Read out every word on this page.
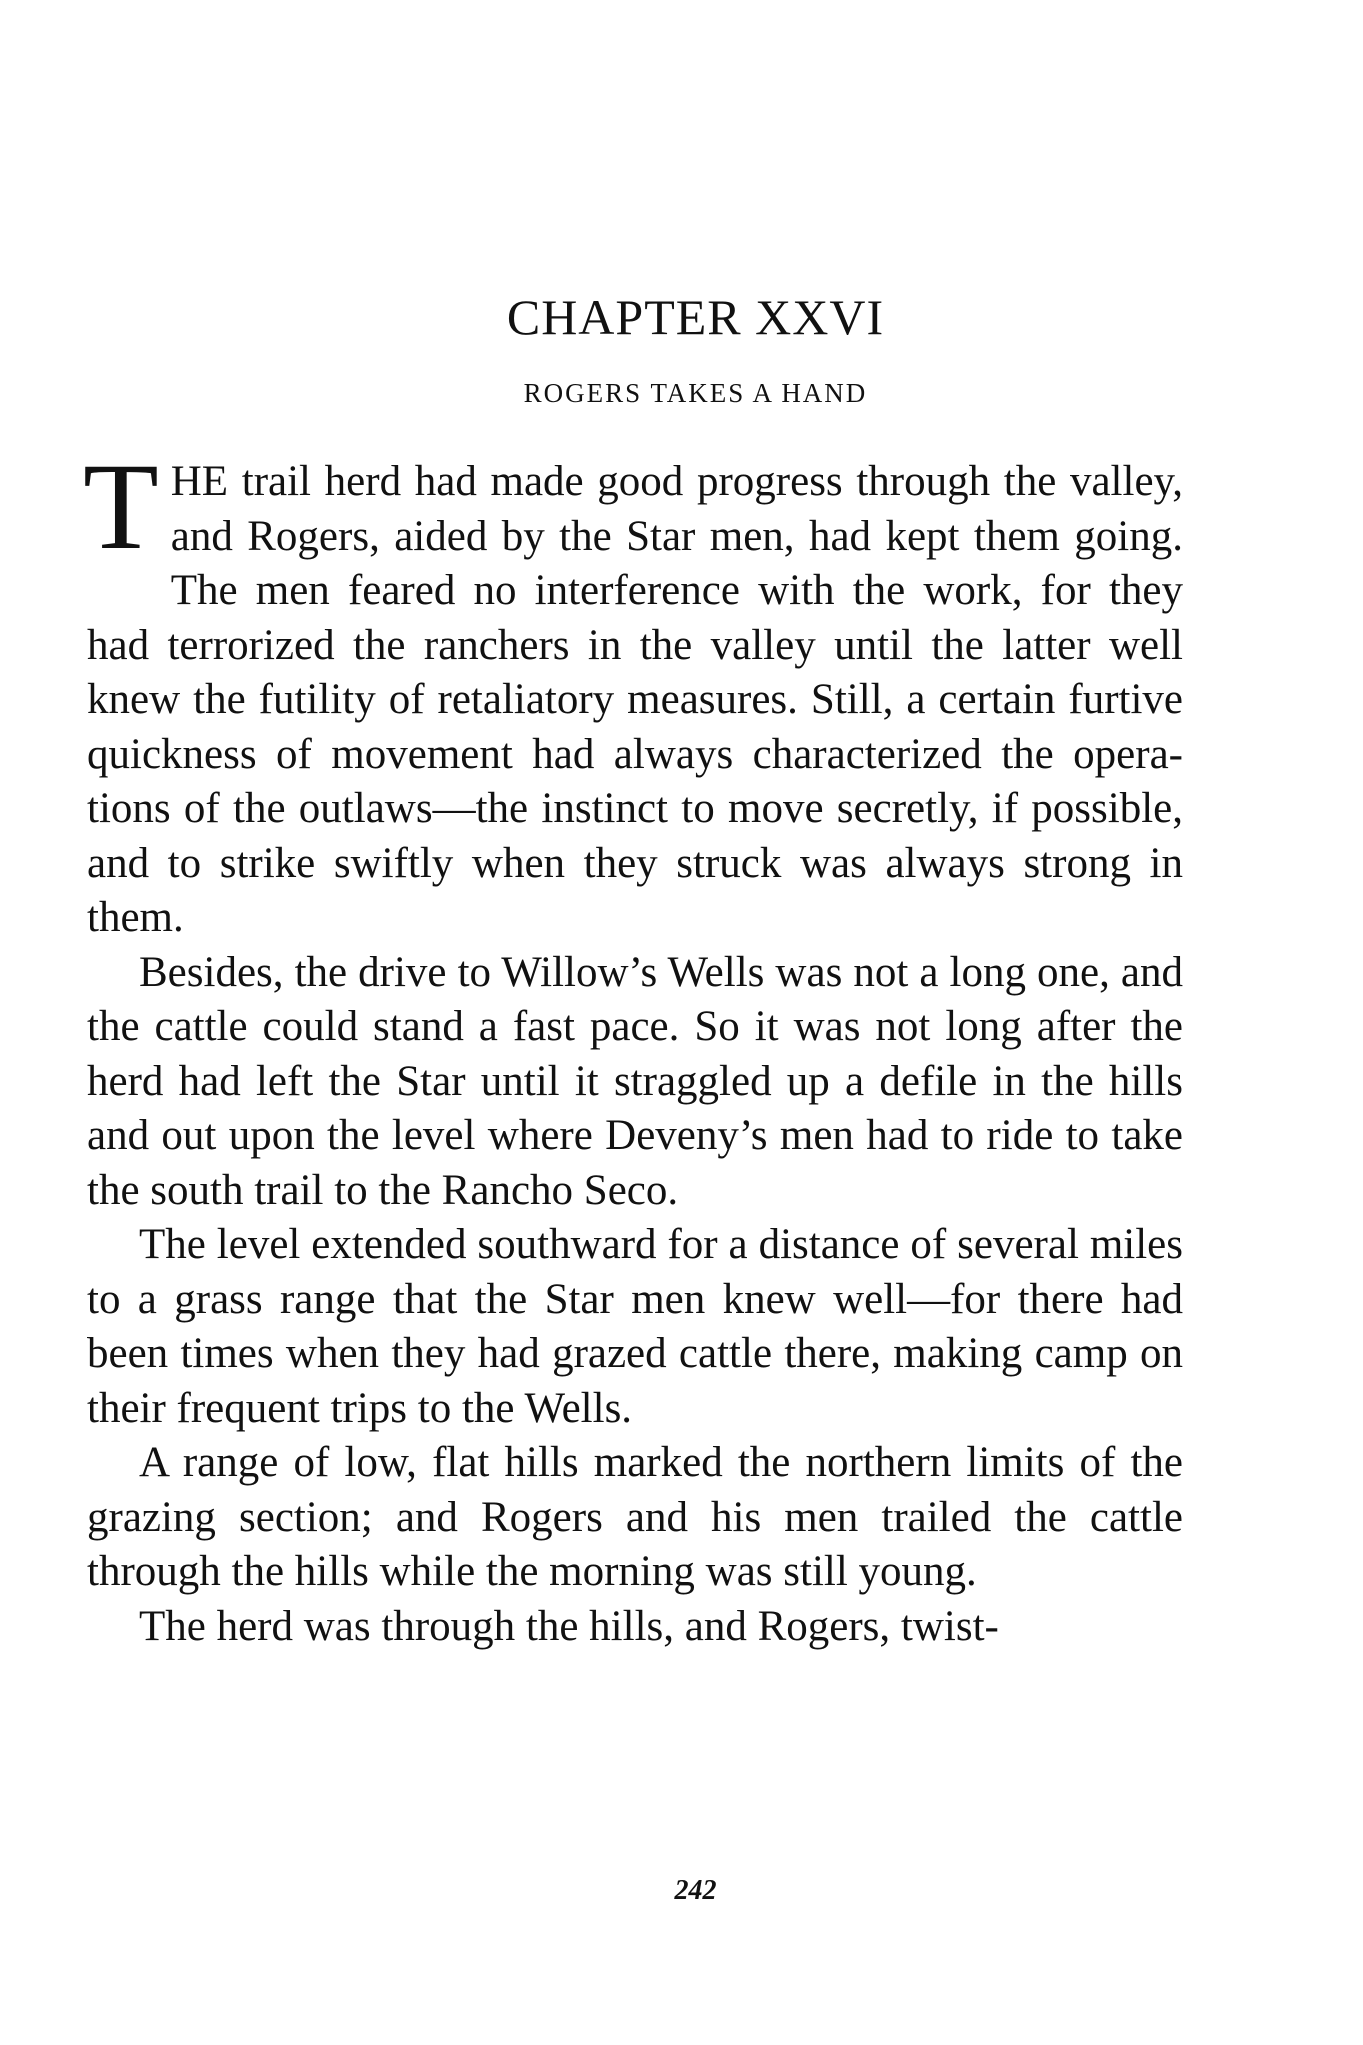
CHAPTER XXVI
ROGERS TAKES A HAND

THE trail herd had made good progress through the valley, and Rogers, aided by the Star men, had kept them going. The men feared no interference with the work, for they had terrorized the ranchers in the valley until the latter well knew the futility of retaliatory measures. Still, a certain furtive quickness of movement had always characterized the operations of the outlaws—the instinct to move secretly, if possible, and to strike swiftly when they struck was always strong in them.

Besides, the drive to Willow’s Wells was not a long one, and the cattle could stand a fast pace. So it was not long after the herd had left the Star until it straggled up a defile in the hills and out upon the level where Deveny’s men had to ride to take the south trail to the Rancho Seco.

The level extended southward for a distance of several miles to a grass range that the Star men knew well—for there had been times when they had grazed cattle there, making camp on their frequent trips to the Wells.

A range of low, flat hills marked the northern limits of the grazing section; and Rogers and his men trailed the cattle through the hills while the morning was still young.

The herd was through the hills, and Rogers, twist-

242
